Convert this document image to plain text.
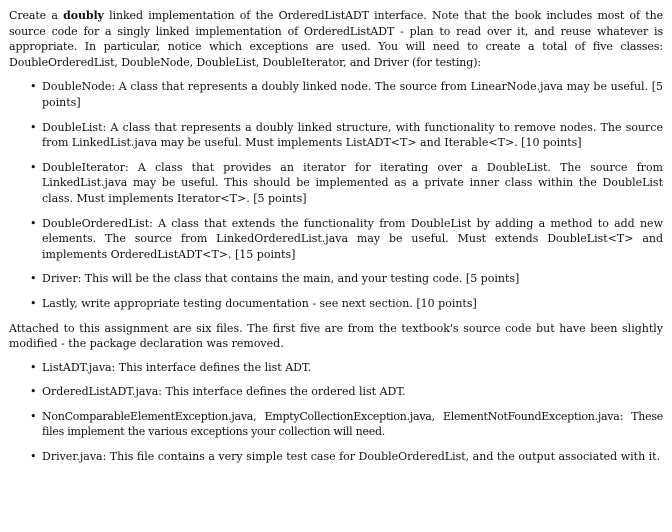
Create a doubly linked implementation of the OrderedListADT interface. Note that the book includes most of the source code for a singly linked implementation of OrderedListADT - plan to read over it, and reuse whatever is appropriate. In particular, notice which exceptions are used. You will need to create a total of five classes: DoubleOrderedList, DoubleNode, DoubleList, DoubleIterator, and Driver (for testing):

• DoubleNode: A class that represents a doubly linked node. The source from LinearNode.java may be useful. [5 points]
• DoubleList: A class that represents a doubly linked structure, with functionality to remove nodes. The source from LinkedList.java may be useful. Must implements ListADT<T> and Iterable<T>. [10 points]
• DoubleIterator: A class that provides an iterator for iterating over a DoubleList. The source from LinkedList.java may be useful. This should be implemented as a private inner class within the DoubleList class. Must implements Iterator<T>. [5 points]
• DoubleOrderedList: A class that extends the functionality from DoubleList by adding a method to add new elements. The source from LinkedOrderedList.java may be useful. Must extends DoubleList<T> and implements OrderedListADT<T>. [15 points]
• Driver: This will be the class that contains the main, and your testing code. [5 points]
• Lastly, write appropriate testing documentation - see next section. [10 points]

Attached to this assignment are six files. The first five are from the textbook's source code but have been slightly modified - the package declaration was removed.

• ListADT.java: This interface defines the list ADT.
• OrderedListADT.java: This interface defines the ordered list ADT.
• NonComparableElementException.java, EmptyCollectionException.java, ElementNotFoundException.java: These files implement the various exceptions your collection will need.
• Driver.java: This file contains a very simple test case for DoubleOrderedList, and the output associated with it.
